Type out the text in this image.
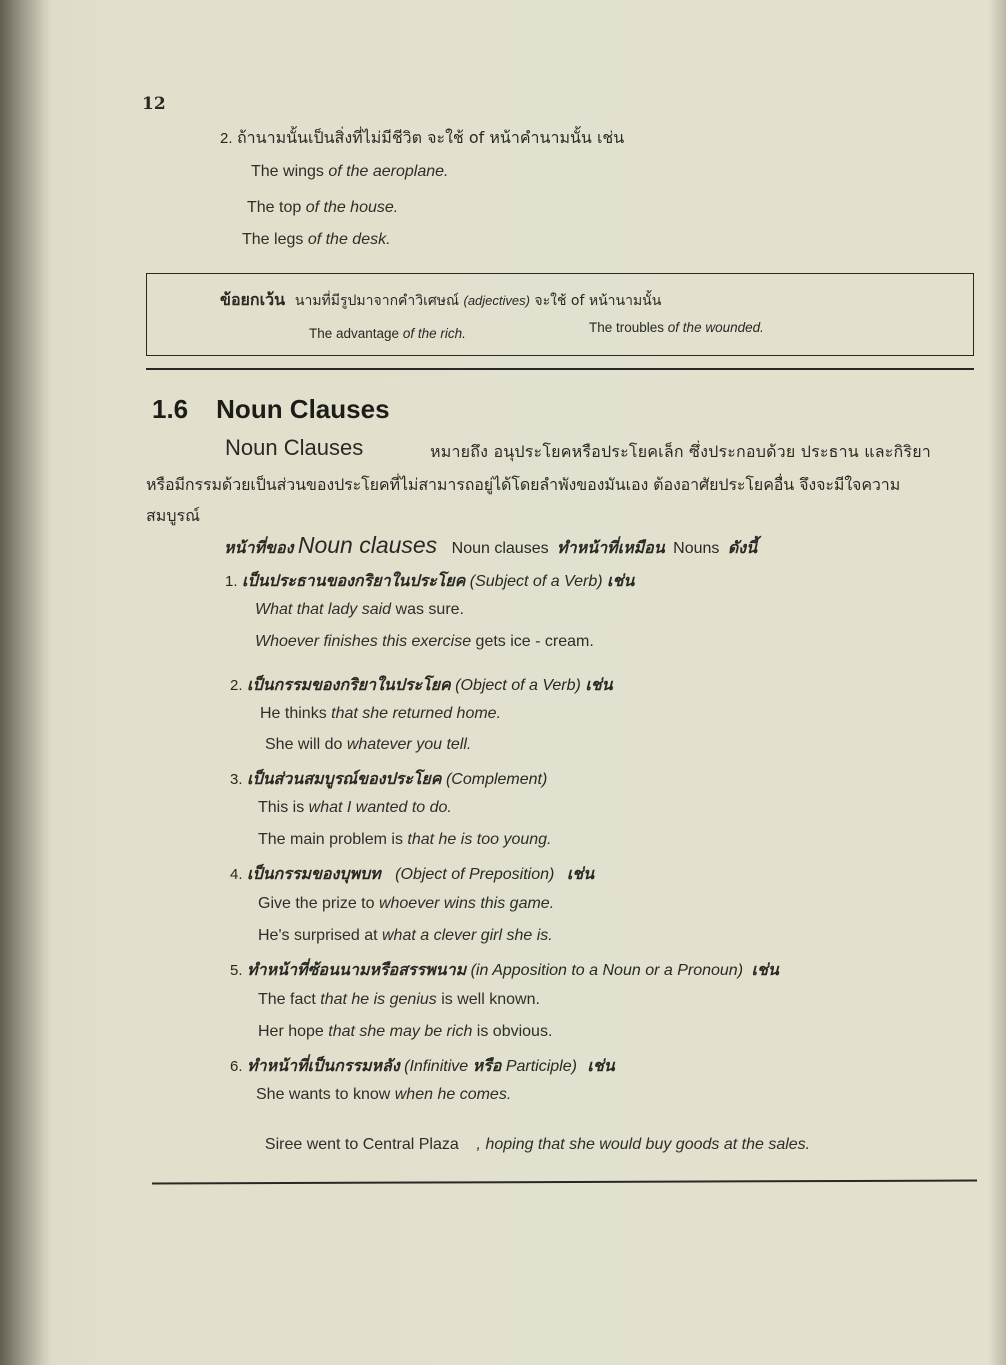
12
2. ถ้านามนั้นเป็นสิ่งที่ไม่มีชีวิต จะใช้ of หน้าคำนามนั้น เช่น
The wings of the aeroplane.
The top of the house.
The legs of the desk.
ข้อยกเว้น นามที่มีรูปมาจากคำวิเศษณ์ (adjectives) จะใช้ of หน้านามนั้น
The advantage of the rich.	The troubles of the wounded.
1.6 Noun Clauses
Noun Clauses	หมายถึง อนุประโยคหรือประโยคเล็ก ซึ่งประกอบด้วย ประธาน และกิริยา
หรือมีกรรมด้วยเป็นส่วนของประโยคที่ไม่สามารถอยู่ได้โดยลำพังของมันเอง ต้องอาศัยประโยคอื่น จึงจะมีใจความ
สมบูรณ์
หน้าที่ของ Noun clauses Noun clauses ทำหน้าที่เหมือน Nouns ดังนี้
1. เป็นประธานของกริยาในประโยค (Subject of a Verb) เช่น
What that lady said was sure.
Whoever finishes this exercise gets ice - cream.
2. เป็นกรรมของกริยาในประโยค (Object of a Verb) เช่น
He thinks that she returned home.
She will do whatever you tell.
3. เป็นส่วนสมบูรณ์ของประโยค (Complement)
This is what I wanted to do.
The main problem is that he is too young.
4. เป็นกรรมของบุพบท (Object of Preposition) เช่น
Give the prize to whoever wins this game.
He's surprised at what a clever girl she is.
5. ทำหน้าที่ซ้อนนามหรือสรรพนาม (in Apposition to a Noun or a Pronoun) เช่น
The fact that he is genius is well known.
Her hope that she may be rich is obvious.
6. ทำหน้าที่เป็นกรรมหลัง (Infinitive หรือ Participle) เช่น
She wants to know when he comes.

Siree went to Central Plaza    , hoping that she would buy goods at the sales.
